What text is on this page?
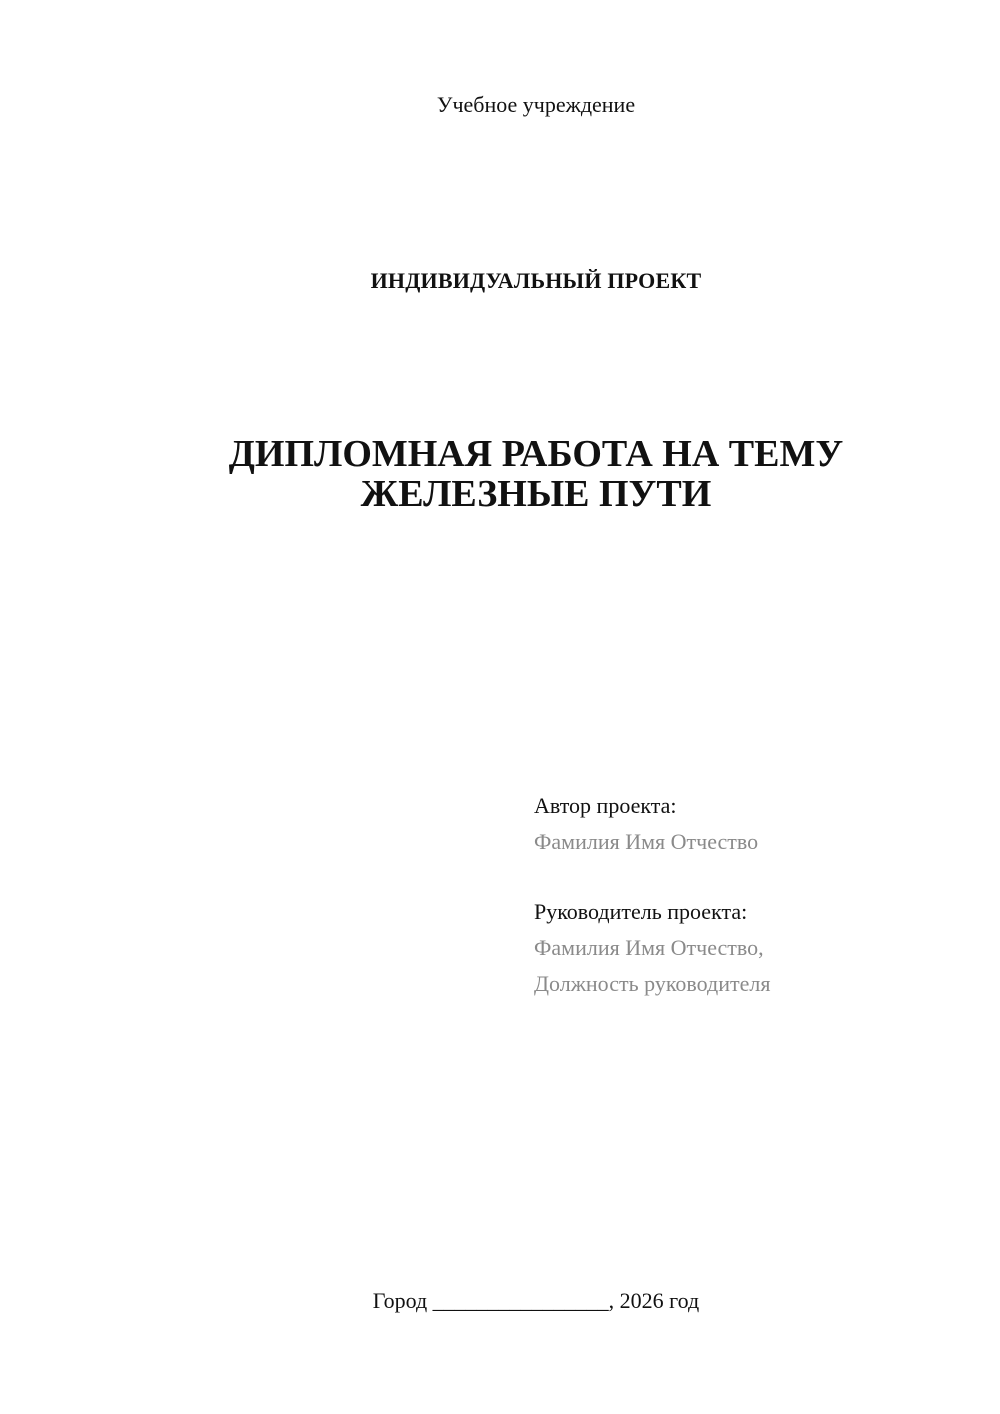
Учебное учреждение
ИНДИВИДУАЛЬНЫЙ ПРОЕКТ
ДИПЛОМНАЯ РАБОТА НА ТЕМУ
ЖЕЛЕЗНЫЕ ПУТИ
Автор проекта:
Фамилия Имя Отчество
Руководитель проекта:
Фамилия Имя Отчество,
Должность руководителя
Город ________________, 2026 год
